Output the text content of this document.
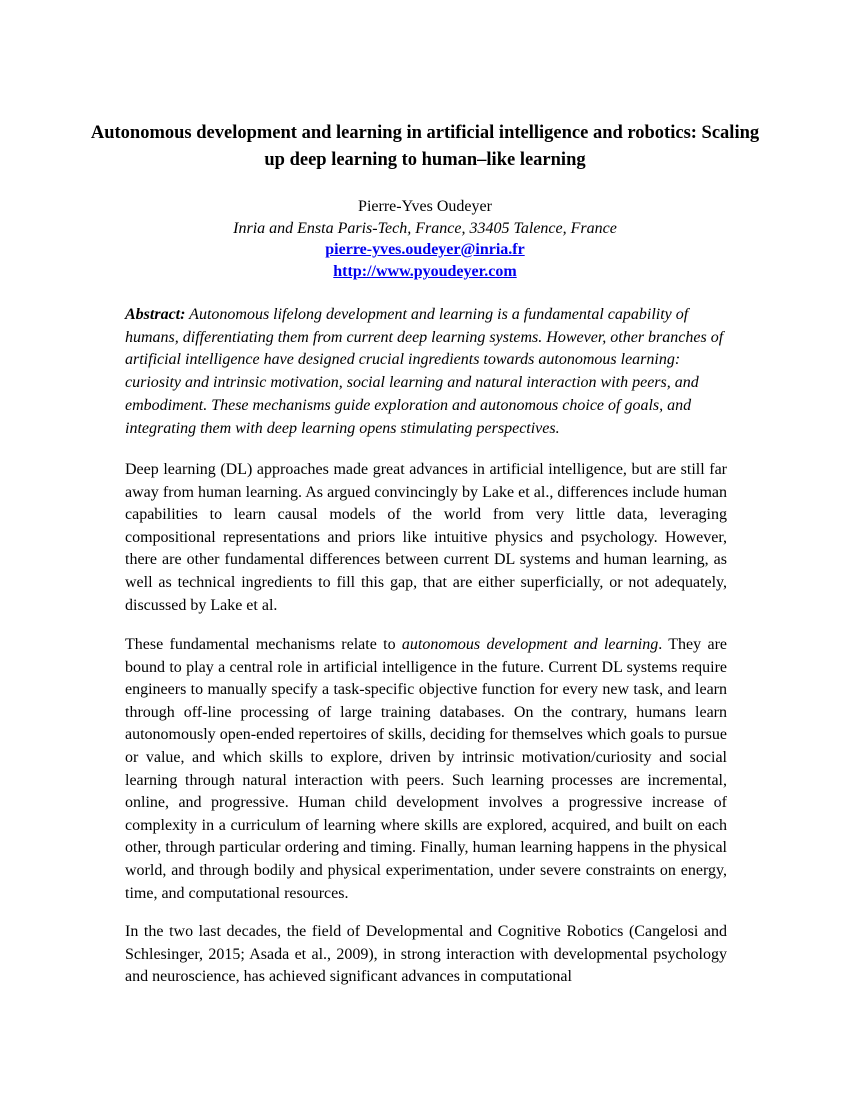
Autonomous development and learning in artificial intelligence and robotics: Scaling up deep learning to human–like learning
Pierre-Yves Oudeyer
Inria and Ensta Paris-Tech, France, 33405 Talence, France
pierre-yves.oudeyer@inria.fr
http://www.pyoudeyer.com

Abstract: Autonomous lifelong development and learning is a fundamental capability of humans, differentiating them from current deep learning systems. However, other branches of artificial intelligence have designed crucial ingredients towards autonomous learning: curiosity and intrinsic motivation, social learning and natural interaction with peers, and embodiment. These mechanisms guide exploration and autonomous choice of goals, and integrating them with deep learning opens stimulating perspectives.

Deep learning (DL) approaches made great advances in artificial intelligence, but are still far away from human learning. As argued convincingly by Lake et al., differences include human capabilities to learn causal models of the world from very little data, leveraging compositional representations and priors like intuitive physics and psychology. However, there are other fundamental differences between current DL systems and human learning, as well as technical ingredients to fill this gap, that are either superficially, or not adequately, discussed by Lake et al.

These fundamental mechanisms relate to autonomous development and learning. They are bound to play a central role in artificial intelligence in the future. Current DL systems require engineers to manually specify a task-specific objective function for every new task, and learn through off-line processing of large training databases. On the contrary, humans learn autonomously open-ended repertoires of skills, deciding for themselves which goals to pursue or value, and which skills to explore, driven by intrinsic motivation/curiosity and social learning through natural interaction with peers. Such learning processes are incremental, online, and progressive. Human child development involves a progressive increase of complexity in a curriculum of learning where skills are explored, acquired, and built on each other, through particular ordering and timing. Finally, human learning happens in the physical world, and through bodily and physical experimentation, under severe constraints on energy, time, and computational resources.

In the two last decades, the field of Developmental and Cognitive Robotics (Cangelosi and Schlesinger, 2015; Asada et al., 2009), in strong interaction with developmental psychology and neuroscience, has achieved significant advances in computational
